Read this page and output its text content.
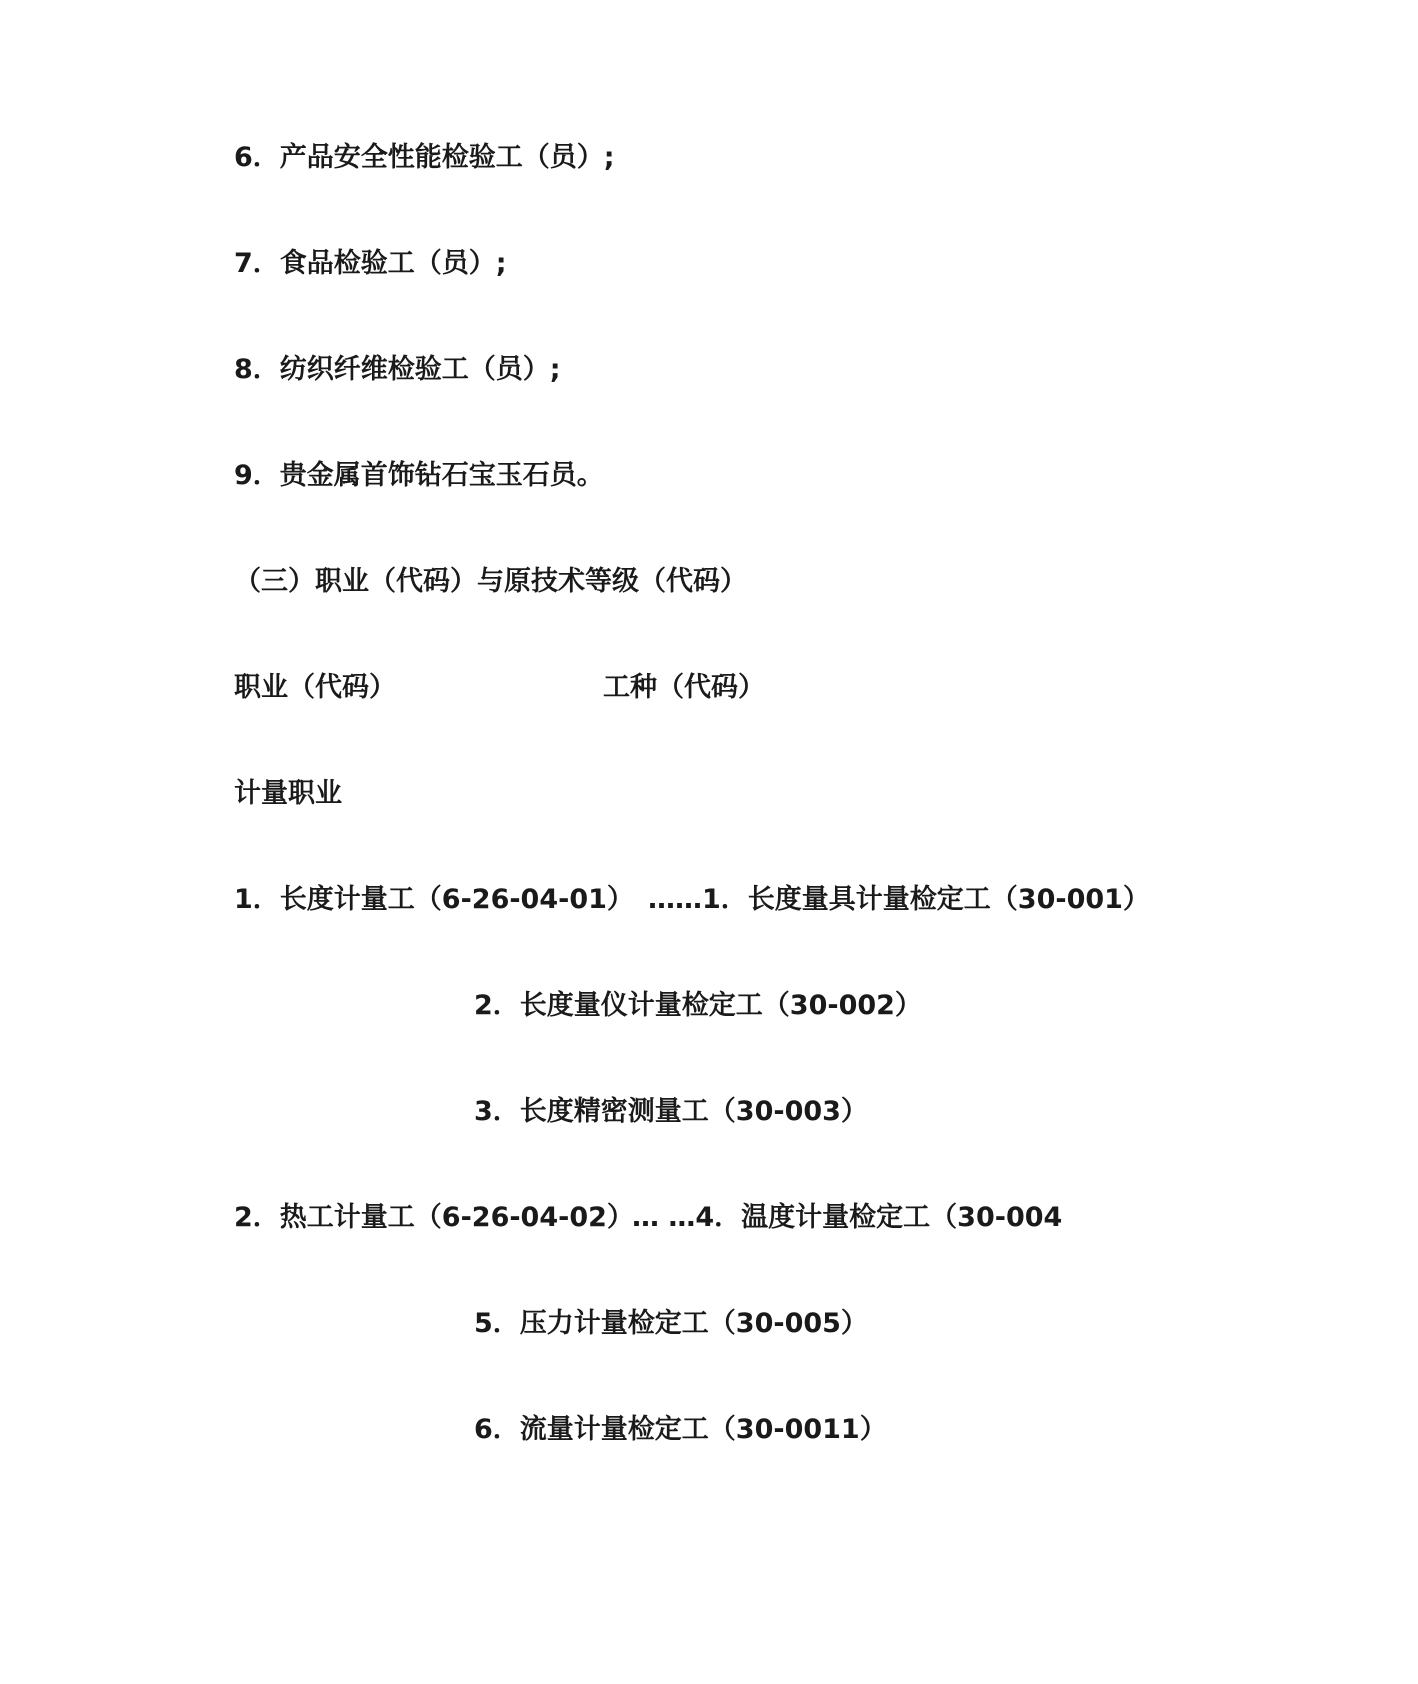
6．产品安全性能检验工（员）;
7．食品检验工（员）;
8．纺织纤维检验工（员）;
9．贵金属首饰钻石宝玉石员。
（三）职业（代码）与原技术等级（代码）
职业（代码）	工种（代码）
计量职业
1．长度计量工（6-26-04-01） ……1．长度量具计量检定工（30-001）
2．长度量仪计量检定工（30-002）
3．长度精密测量工（30-003）
2．热工计量工（6-26-04-02）
… …4．温度计量检定工（30-004
5．压力计量检定工（30-005）
6．流量计量检定工（30-0011）
